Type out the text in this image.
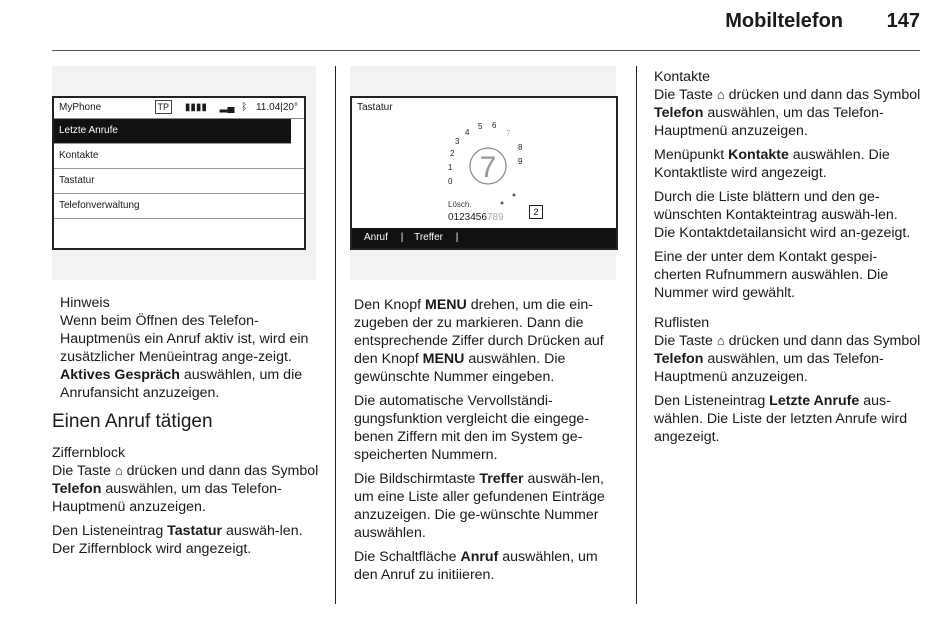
Mobiltelefon 147
MyPhone	TP ▮▮▮▮ ▂▄ ᛒ 11.04|20°
Letzte Anrufe
Kontakte
Tastatur
Telefonverwaltung
Tastatur
7
0
1
2
3
4
5 6
7
8
9
Lösch.
0123456789	2
Anruf | Treffer |
Hinweis

Wenn beim Öffnen des Telefon-Hauptmenüs ein Anruf aktiv ist, wird ein zusätzlicher Menüeintrag ange-zeigt. Aktives Gespräch auswählen, um die Anrufansicht anzuzeigen.

Einen Anruf tätigen
Ziffernblock

Die Taste ⌂ drücken und dann das Symbol Telefon auswählen, um das Telefon-Hauptmenü anzuzeigen.

Den Listeneintrag Tastatur auswäh-len. Der Ziffernblock wird angezeigt.

Den Knopf MENU drehen, um die ein-zugeben der zu markieren. Dann die entsprechende Ziffer durch Drücken auf den Knopf MENU auswählen. Die gewünschte Nummer eingeben.

Die automatische Vervollständi-gungsfunktion vergleicht die eingege-benen Ziffern mit den im System ge-speicherten Nummern.

Die Bildschirmtaste Treffer auswäh-len, um eine Liste aller gefundenen Einträge anzuzeigen. Die ge-wünschte Nummer auswählen.

Die Schaltfläche Anruf auswählen, um den Anruf zu initiieren.

Kontakte

Die Taste ⌂ drücken und dann das Symbol Telefon auswählen, um das Telefon-Hauptmenü anzuzeigen.

Menüpunkt Kontakte auswählen. Die Kontaktliste wird angezeigt.

Durch die Liste blättern und den ge-wünschten Kontakteintrag auswäh-len. Die Kontaktdetailansicht wird an-gezeigt.

Eine der unter dem Kontakt gespei-cherten Rufnummern auswählen. Die Nummer wird gewählt.

Ruflisten

Die Taste ⌂ drücken und dann das Symbol Telefon auswählen, um das Telefon-Hauptmenü anzuzeigen.

Den Listeneintrag Letzte Anrufe aus-wählen. Die Liste der letzten Anrufe wird angezeigt.
